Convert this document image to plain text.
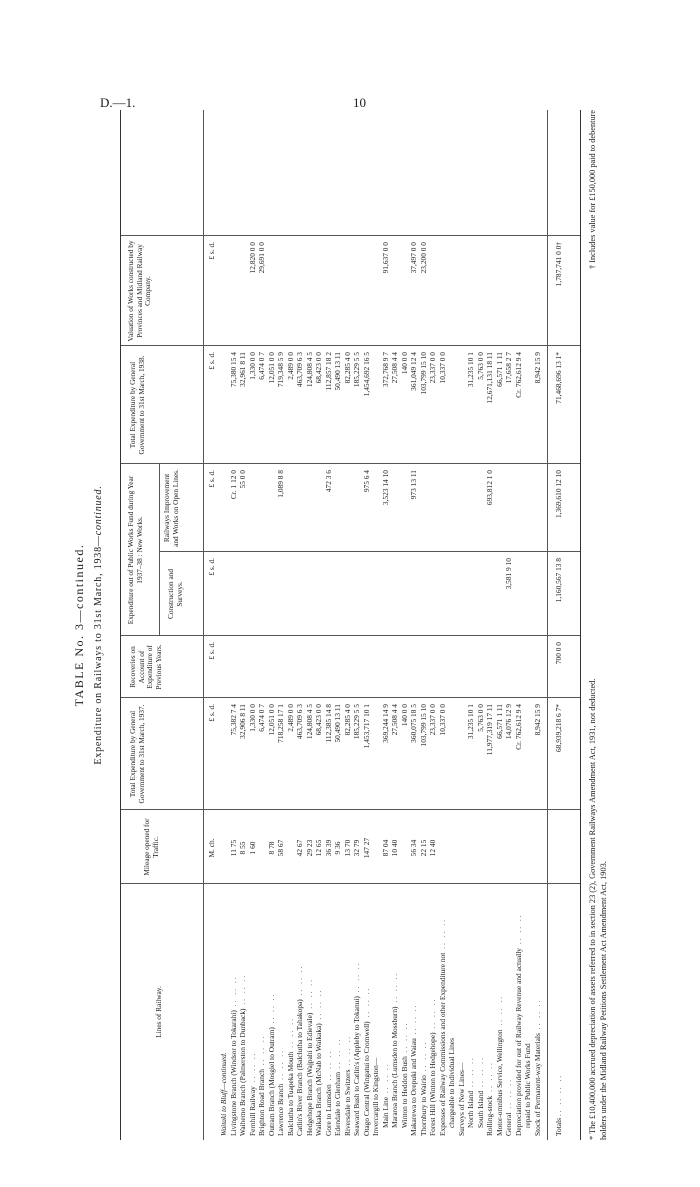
D.—1.	10
TABLE No. 3—continued. Expenditure on Railways to 31st March, 1938—continued.
Lines of Railway.
Mileage opened for Traffic.
Total Expenditure by General Government to 31st March, 1937.
Recoveries on Account of Expenditure of Previous Years.
Expenditure out of Public Works Fund during Year 1937–38 : New Works.
Construction and Surveys.
Railways Improvement and Works on Open Lines.
Total Expenditure by General Government to 31st March, 1938.
Valuation of Works constructed by Provinces and Midland Railway Company.
M. ch.
£ s. d.
£ s. d.
£ s. d.
£ s. d.
£ s. d.
£ s. d.
Waitaki to Bluff—continued. Livingstone Branch (Windsor to Tokarahi) .. .. ..
11 75
75,382 7 4
Cr. 1 12 0
75,380 15 4
Waihemo Branch (Palmerston to Dunback) .. .. ..
8 55
32,906 8 11
55 0 0
32,961 8 11
Fernhill Railway .. .. ..
1 60
1,330 0 0
1,330 0 0
12,820 0 0
Brighton Road Branch .. .. ..
6,474 0 7
6,474 0 7
29,691 0 0
Outram Branch (Mosgiel to Outram) .. .. ..
8 78
12,051 0 0
12,051 0 0
Lawrence Branch .. .. ..
58 67
718,258 17 1
1,089 8 8
719,348 5 9
Balclutha to Tuapeka Mouth .. .. ..
2,489 0 0
2,489 0 0
Catlin's River Branch (Balclutha to Tahakopa) .. .. ..
42 67
463,709 6 3
463,709 6 3
Hedgehope Branch (Wajpahi to Edievale) .. .. ..
29 23
124,808 4 5
124,808 4 5
Waikaka Branch (McNab to Waikaka) .. .. ..
12 65
68,423 0 0
68,423 0 0
Gore to Lumsden .. .. ..
36 39
112,385 14 8
472 3 6
112,857 18 2
Edendale to Glenham .. .. ..
9 36
50,490 13 11
50,490 13 11
Riversdale to Switzers .. .. ..
13 70
82,285 4 0
82,285 4 0
Seaward Bush to Catlin's (Appleby to Tokanui) .. .. ..
32 79
185,229 5 5
185,229 5 5
Otago Central (Wingatui to Cromwell) .. .. ..
147 27
1,453,717 10 1
975 6 4
1,454,692 16 5
Invercargill to Kingston— Main Line .. .. ..
87 04
369,244 14 9
3,523 14 10
372,768 9 7
91,637 0 0
Mararoa Branch (Lumsden to Mossburn) .. .. ..
10 40
27,508 4 4
27,508 4 4
Winton to Heddon Bush .. .. ..
140 0 0
140 0 0
Makarewa to Orepuki and Waiau .. .. ..
56 34
360,075 18 5
973 13 11
361,049 12 4
37,497 0 0
Thornbury to Wairio .. .. ..
22 15
103,799 15 10
103,799 15 10
23,200 0 0
Forest Hill (Winton to Hedgehope) .. .. ..
12 40
23,337 0 0
23,337 0 0
Expenses of Railway Commissions and other Expenditure not .. .. ..
10,337 0 0
10,337 0 0
chargeable to Individual Lines Surveys of New Lines— North Island .. .. ..
31,235 10 1
31,235 10 1
South Island .. .. ..
5,763 0 0
5,763 0 0
Rolling-stock .. .. ..
11,977,319 17 11
693,812 1 0
12,671,131 18 11
Motor-omnibus Service, Wellington .. .. ..
66,571 1 11
66,571 1 11
General .. .. ..
14,076 12 9
3,581 9 10
17,658 2 7
Depreciation provided for out of Railway Revenue and actually .. .. ..
Cr. 762,612 9 4
Cr. 762,612 9 4
repaid to Public Works Fund Stock of Permanent-way Materials .. .. ..
8,942 15 9
8,942 15 9
Totals .. .. .. ..
68,939,218 6 7*
700 0 0
1,160,567 13 8
1,369,610 12 10
71,468,696 13 1*
1,787,741 0 0†
* The £10,400,000 accrued depreciation of assets referred to in section 23 (2), Government Railways Amendment Act, 1931, not deducted.
† Includes value for £150,000 paid to debenture
holders under the Midland Railway Petitions Settlement Act Amendment Act, 1903.
